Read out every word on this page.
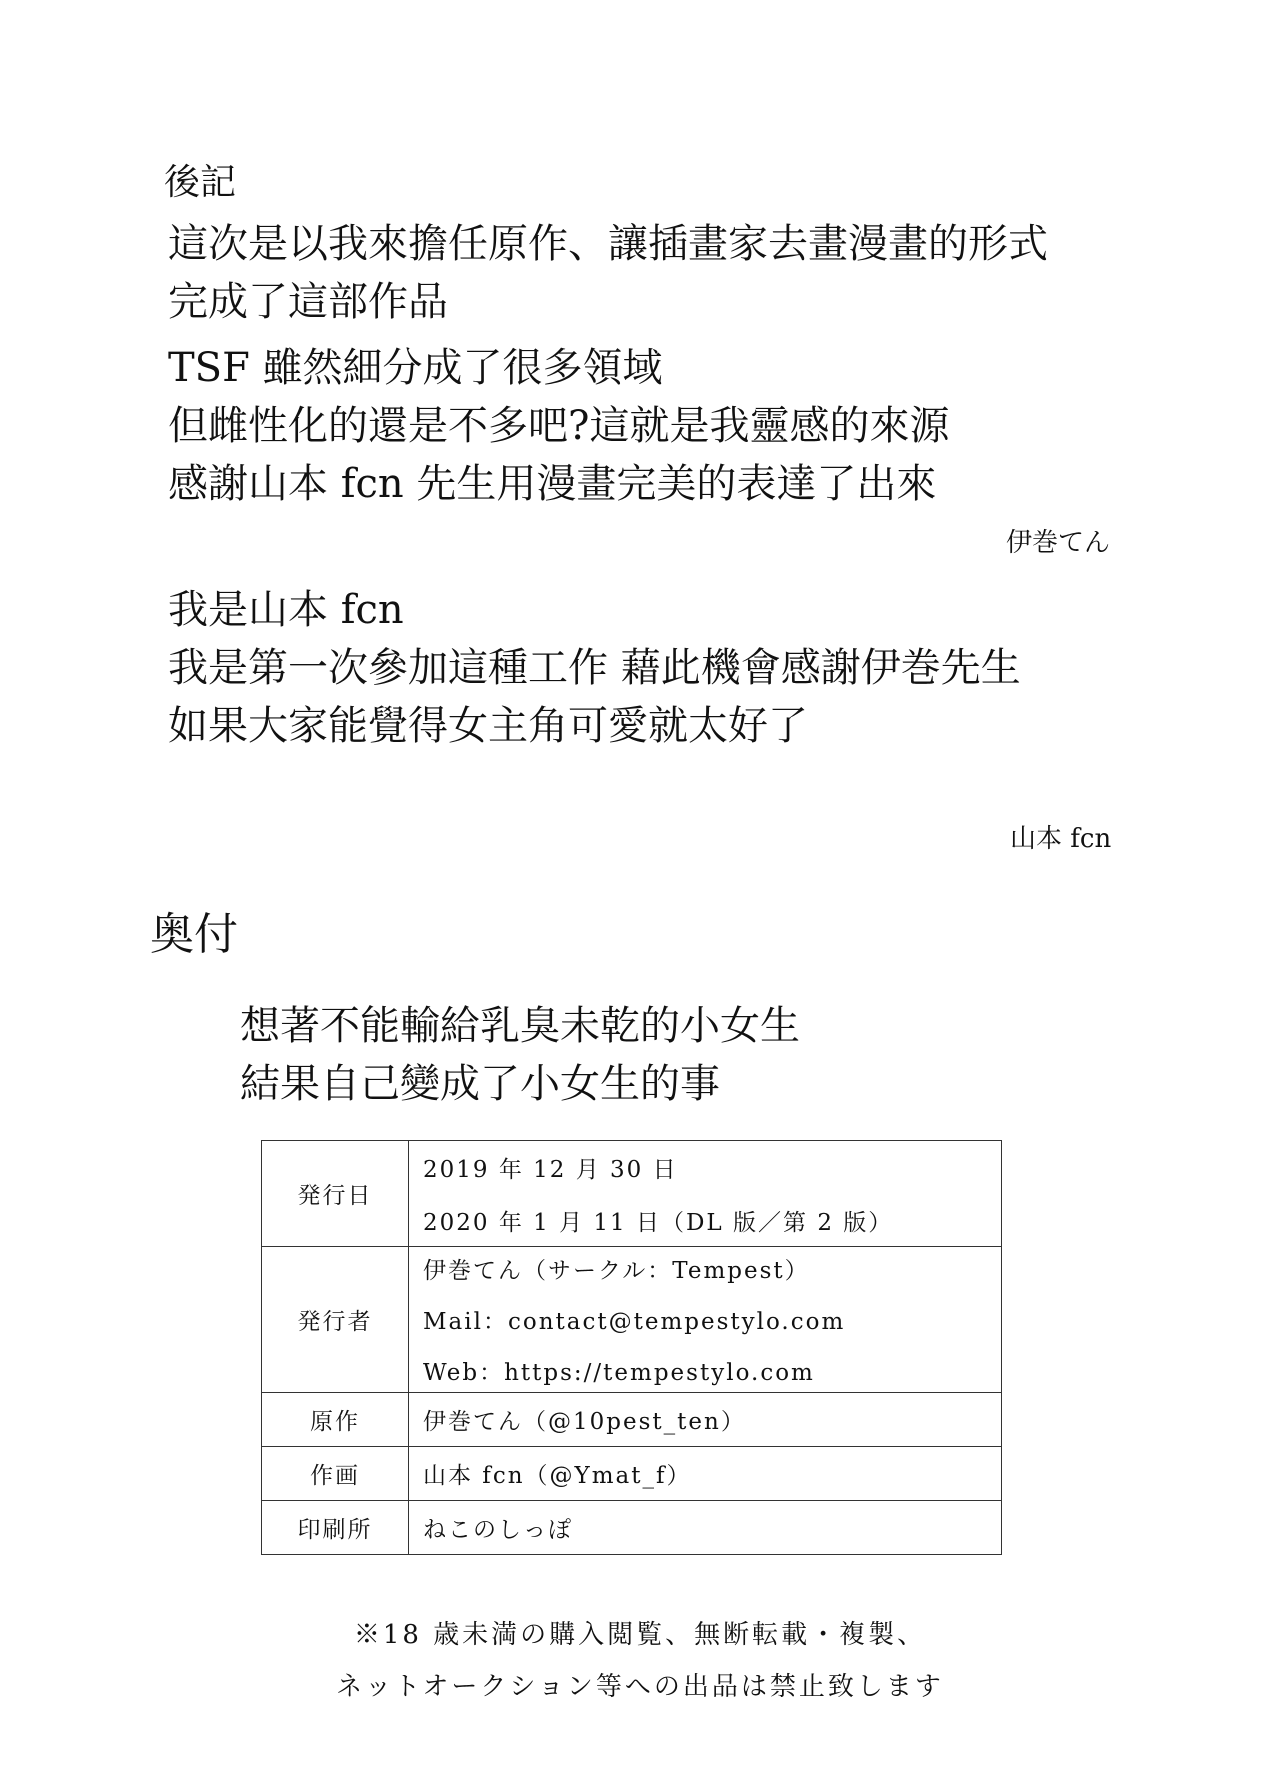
後記
這次是以我來擔任原作、讓插畫家去畫漫畫的形式
完成了這部作品
TSF 雖然細分成了很多領域
但雌性化的還是不多吧?這就是我靈感的來源
感謝山本 fcn 先生用漫畫完美的表達了出來
伊巻てん
我是山本 fcn
我是第一次參加這種工作 藉此機會感謝伊巻先生
如果大家能覺得女主角可愛就太好了
山本 fcn
奥付
想著不能輸給乳臭未乾的小女生
結果自己變成了小女生的事
発行日	2019 年 12 月 30 日
2020 年 1 月 11 日（DL 版／第 2 版）

発行者	伊巻てん（サークル：Tempest）
Mail：contact@tempestylo.com
Web：https://tempestylo.com

原作	伊巻てん（@10pest_ten）

作画	山本 fcn（@Ymat_f）

印刷所	ねこのしっぽ
※18 歳未満の購入閲覧、無断転載・複製、
ネットオークション等への出品は禁止致します
